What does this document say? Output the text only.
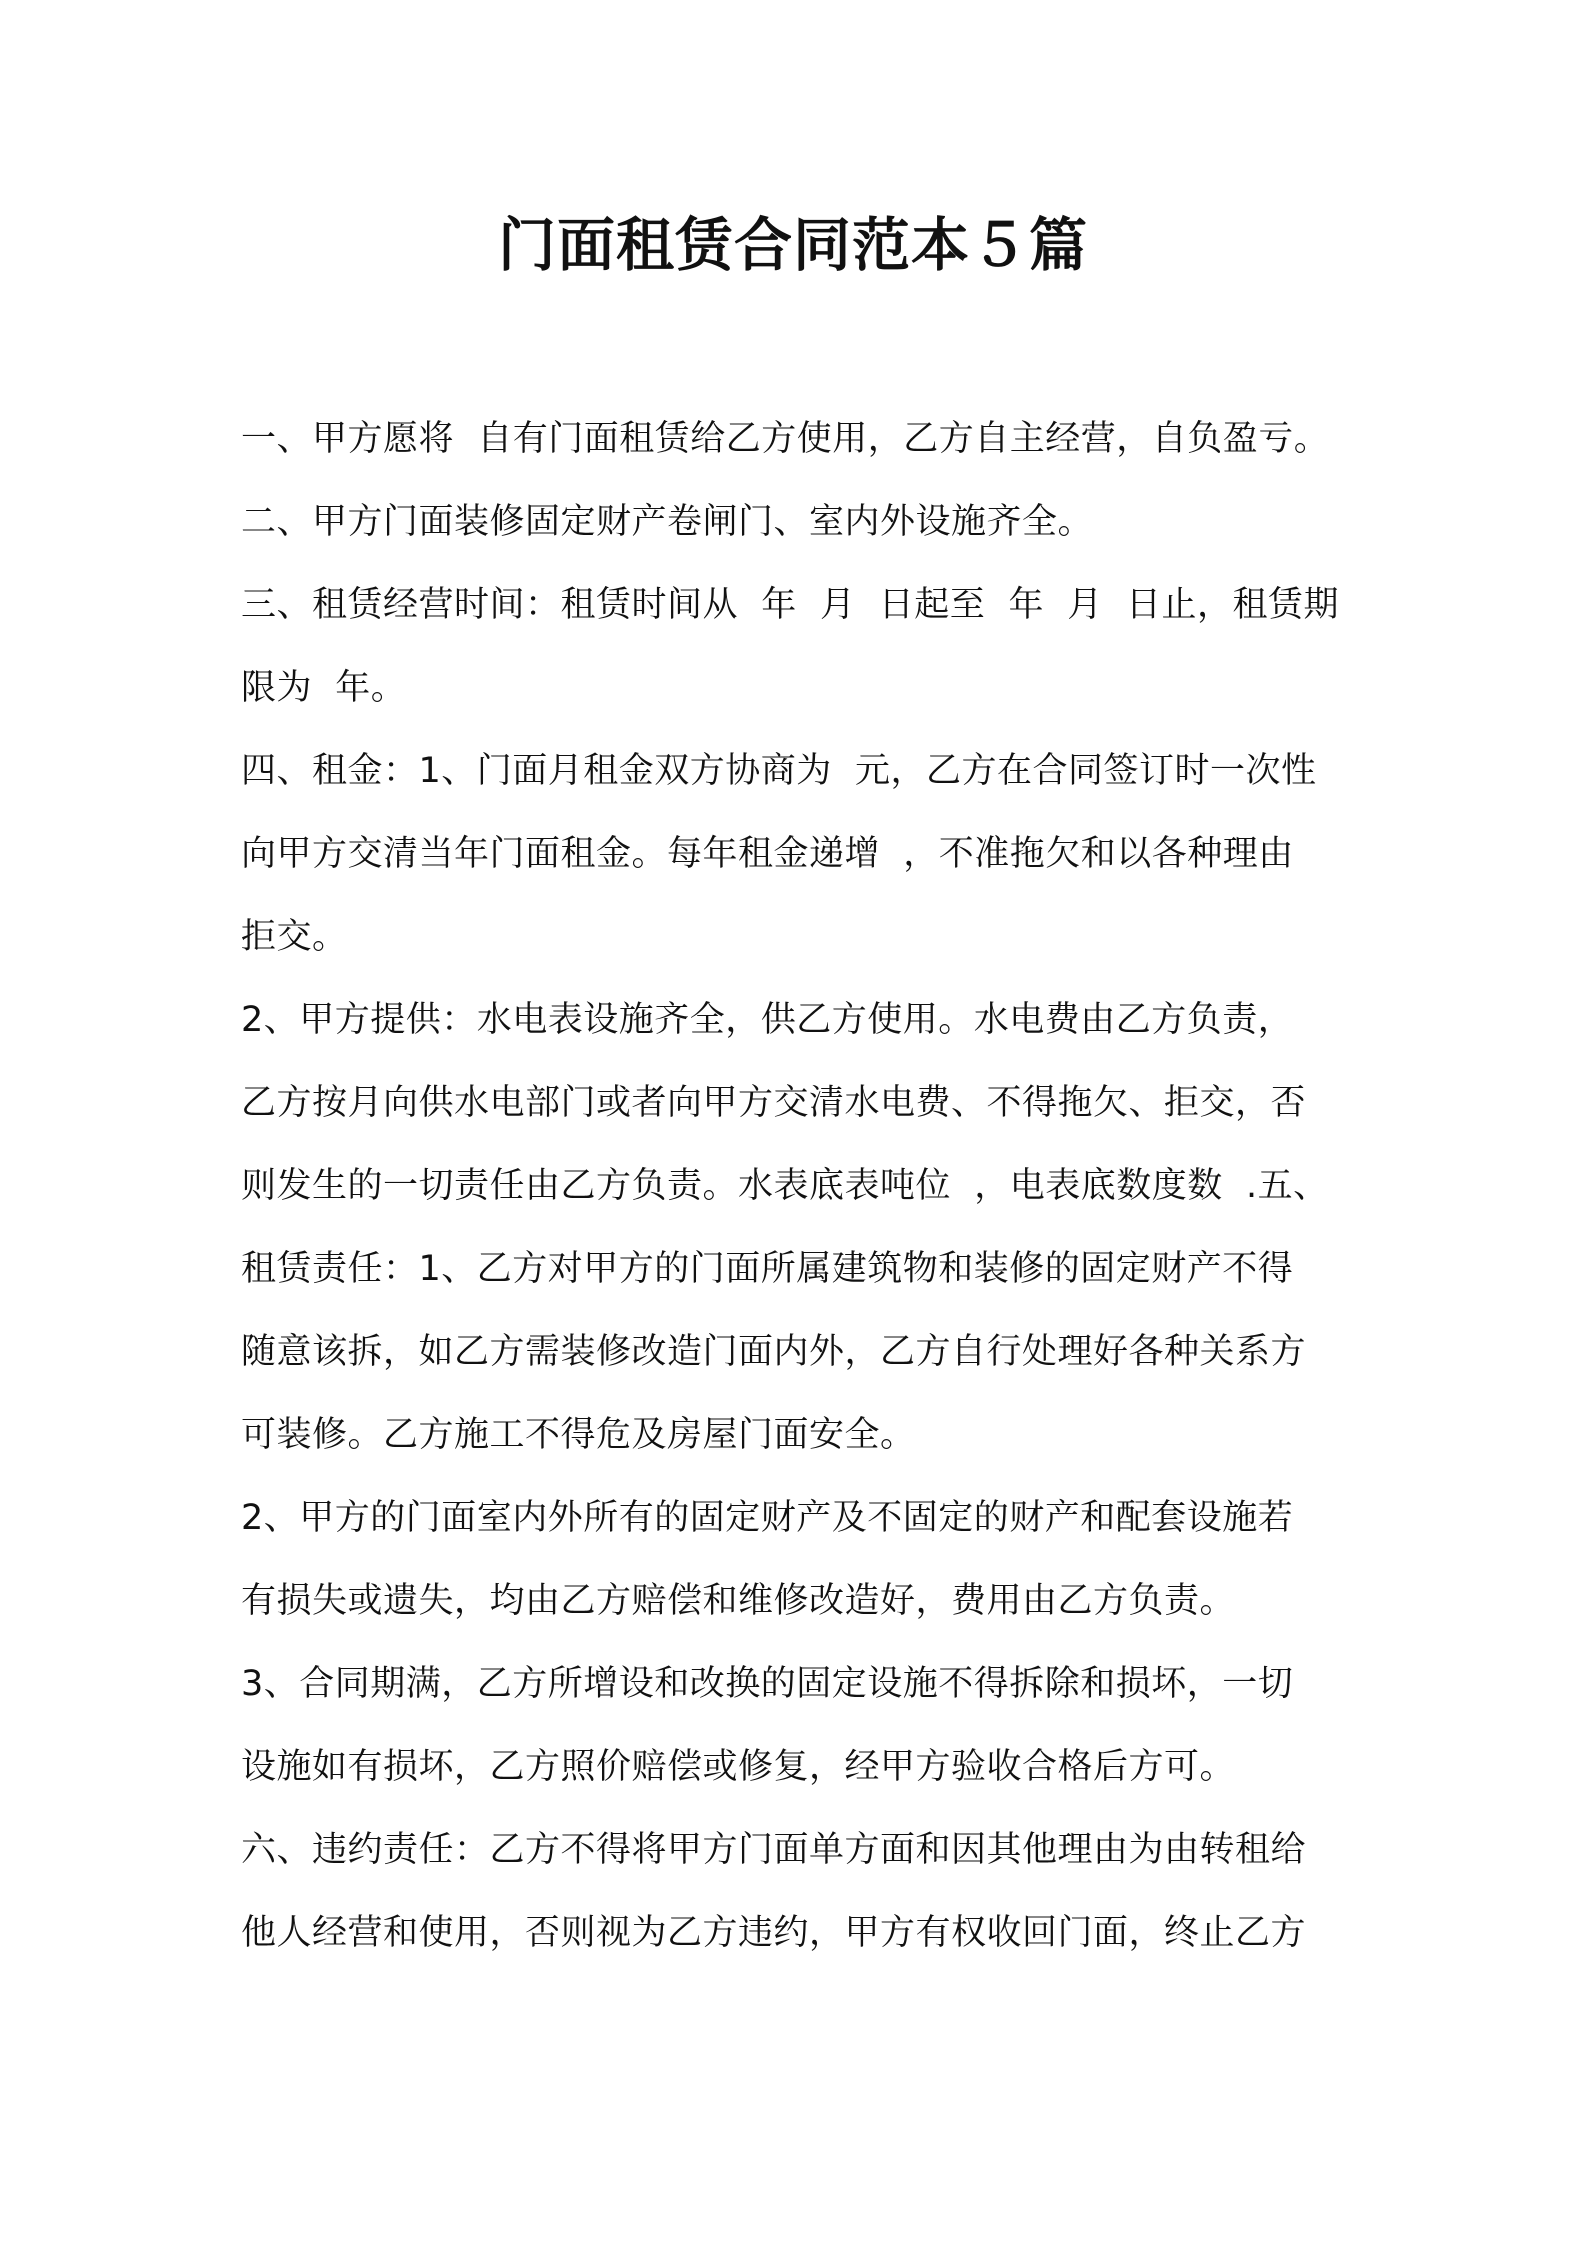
门面租赁合同范本５篇
一、甲方愿将  自有门面租赁给乙方使用，乙方自主经营，自负盈亏。
二、甲方门面装修固定财产卷闸门、室内外设施齐全。
三、租赁经营时间：租赁时间从  年  月  日起至  年  月  日止，租赁期
限为  年。
四、租金：1、门面月租金双方协商为  元，乙方在合同签订时一次性
向甲方交清当年门面租金。每年租金递增  ，不准拖欠和以各种理由
拒交。
2、甲方提供：水电表设施齐全，供乙方使用。水电费由乙方负责，
乙方按月向供水电部门或者向甲方交清水电费、不得拖欠、拒交，否
则发生的一切责任由乙方负责。水表底表吨位  ，电表底数度数  .五、
租赁责任：1、乙方对甲方的门面所属建筑物和装修的固定财产不得
随意该拆，如乙方需装修改造门面内外，乙方自行处理好各种关系方
可装修。乙方施工不得危及房屋门面安全。
2、甲方的门面室内外所有的固定财产及不固定的财产和配套设施若
有损失或遗失，均由乙方赔偿和维修改造好，费用由乙方负责。
3、合同期满，乙方所增设和改换的固定设施不得拆除和损坏，一切
设施如有损坏，乙方照价赔偿或修复，经甲方验收合格后方可。
六、违约责任：乙方不得将甲方门面单方面和因其他理由为由转租给
他人经营和使用，否则视为乙方违约，甲方有权收回门面，终止乙方
